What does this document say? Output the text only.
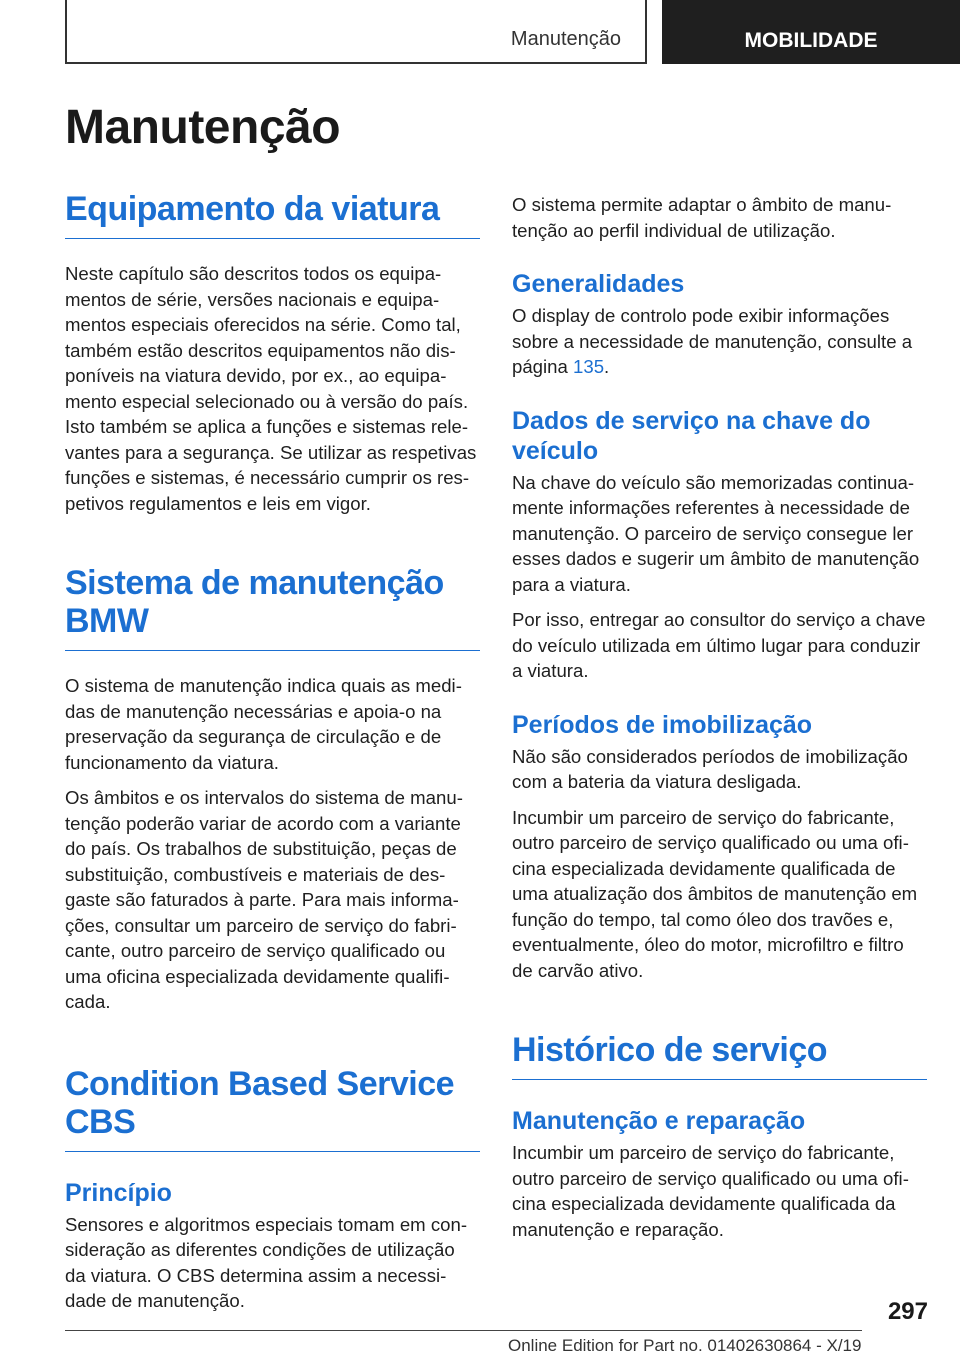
Manutenção	MOBILIDADE
Manutenção
Equipamento da viatura

Neste capítulo são descritos todos os equipamentos de série, versões nacionais e equipamentos especiais oferecidos na série. Como tal, também estão descritos equipamentos não disponíveis na viatura devido, por ex., ao equipamento especial selecionado ou à versão do país. Isto também se aplica a funções e sistemas relevantes para a segurança. Se utilizar as respetivas funções e sistemas, é necessário cumprir os respetivos regulamentos e leis em vigor.

Sistema de manutenção BMW

O sistema de manutenção indica quais as medidas de manutenção necessárias e apoia-o na preservação da segurança de circulação e de funcionamento da viatura.

Os âmbitos e os intervalos do sistema de manutenção poderão variar de acordo com a variante do país. Os trabalhos de substituição, peças de substituição, combustíveis e materiais de desgaste são faturados à parte. Para mais informações, consultar um parceiro de serviço do fabricante, outro parceiro de serviço qualificado ou uma oficina especializada devidamente qualificada.

Condition Based Service CBS
Princípio

Sensores e algoritmos especiais tomam em consideração as diferentes condições de utilização da viatura. O CBS determina assim a necessidade de manutenção.

O sistema permite adaptar o âmbito de manutenção ao perfil individual de utilização.

Generalidades

O display de controlo pode exibir informações sobre a necessidade de manutenção, consulte a página 135.

Dados de serviço na chave do veículo

Na chave do veículo são memorizadas continuamente informações referentes à necessidade de manutenção. O parceiro de serviço consegue ler esses dados e sugerir um âmbito de manutenção para a viatura.

Por isso, entregar ao consultor do serviço a chave do veículo utilizada em último lugar para conduzir a viatura.

Períodos de imobilização

Não são considerados períodos de imobilização com a bateria da viatura desligada.

Incumbir um parceiro de serviço do fabricante, outro parceiro de serviço qualificado ou uma oficina especializada devidamente qualificada de uma atualização dos âmbitos de manutenção em função do tempo, tal como óleo dos travões e, eventualmente, óleo do motor, microfiltro e filtro de carvão ativo.

Histórico de serviço
Manutenção e reparação

Incumbir um parceiro de serviço do fabricante, outro parceiro de serviço qualificado ou uma oficina especializada devidamente qualificada da manutenção e reparação.

297
Online Edition for Part no. 01402630864 - X/19
